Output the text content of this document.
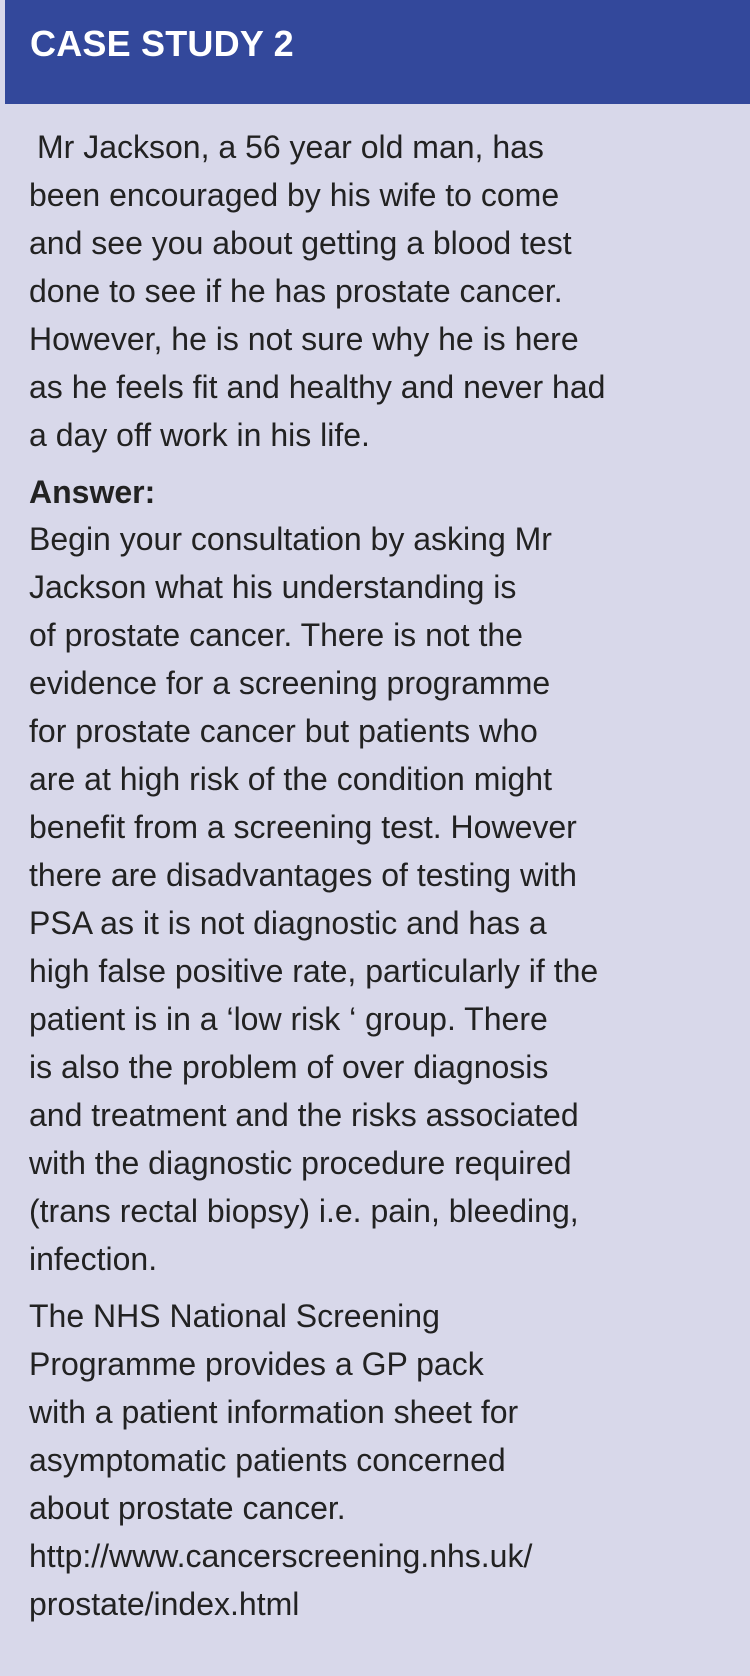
CASE STUDY 2

Mr Jackson, a 56 year old man, has
been encouraged by his wife to come
and see you about getting a blood test
done to see if he has prostate cancer.
However, he is not sure why he is here
as he feels fit and healthy and never had
a day off work in his life.

Answer:

Begin your consultation by asking Mr
Jackson what his understanding is
of prostate cancer. There is not the
evidence for a screening programme
for prostate cancer but patients who
are at high risk of the condition might
benefit from a screening test. However
there are disadvantages of testing with
PSA as it is not diagnostic and has a
high false positive rate, particularly if the
patient is in a ‘low risk ‘ group. There
is also the problem of over diagnosis
and treatment and the risks associated
with the diagnostic procedure required
(trans rectal biopsy) i.e. pain, bleeding,
infection.

The NHS National Screening
Programme provides a GP pack
with a patient information sheet for
asymptomatic patients concerned
about prostate cancer.
http://www.cancerscreening.nhs.uk/
prostate/index.html
